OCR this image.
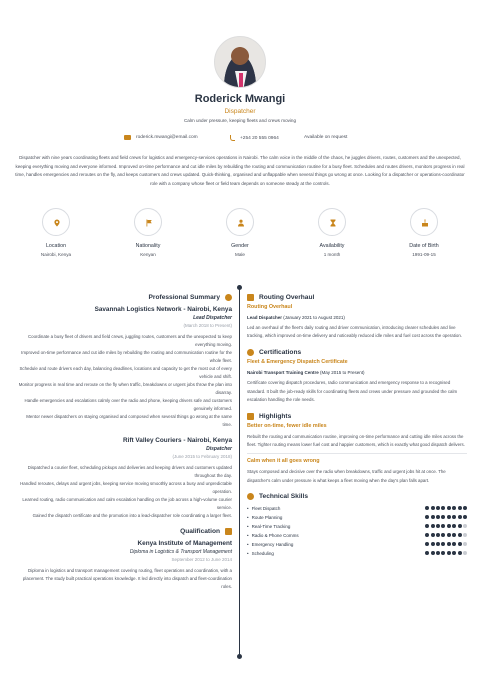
Roderick Mwangi
Dispatcher
Calm under pressure, keeping fleets and crews moving
roderick.mwangi@email.com	+254 20 555 0964	Available on request
Dispatcher with nine years coordinating fleets and field crews for logistics and emergency-services operations in Nairobi. The calm voice in the middle of the chaos, he juggles drivers, routes, customers and the unexpected, keeping everything moving and everyone informed. Improved on-time performance and cut idle miles by rebuilding the routing and communication routine for a busy fleet. Schedules and routes drivers, monitors progress in real time, handles emergencies and reroutes on the fly, and keeps customers and crews updated. Quick-thinking, organised and unflappable when several things go wrong at once. Looking for a dispatcher or operations-coordinator role with a company whose fleet or field team depends on someone steady at the controls.
Location
Nairobi, Kenya
Nationality
Kenyan
Gender
Male
Availability
1 month
Date of Birth
1991-09-15
Professional Summary
Savannah Logistics Network - Nairobi, Kenya
Lead Dispatcher
(March 2018 to Present)
Coordinate a busy fleet of drivers and field crews, juggling routes, customers and the unexpected to keep everything moving.
Improved on-time performance and cut idle miles by rebuilding the routing and communication routine for the whole fleet.
Schedule and route drivers each day, balancing deadlines, locations and capacity to get the most out of every vehicle and shift.
Monitor progress in real time and reroute on the fly when traffic, breakdowns or urgent jobs throw the plan into disarray.
Handle emergencies and escalations calmly over the radio and phone, keeping drivers safe and customers genuinely informed.
Mentor newer dispatchers on staying organised and composed when several things go wrong at the same time.
Rift Valley Couriers - Nairobi, Kenya
Dispatcher
(June 2015 to February 2018)
Dispatched a courier fleet, scheduling pickups and deliveries and keeping drivers and customers updated throughout the day.
Handled reroutes, delays and urgent jobs, keeping service moving smoothly across a busy and unpredictable operation.
Learned routing, radio communication and calm escalation handling on the job across a high-volume courier service.
Gained the dispatch certificate and the promotion into a lead-dispatcher role coordinating a larger fleet.
Qualification
Kenya Institute of Management
Diploma in Logistics & Transport Management
September 2012 to June 2014
Diploma in logistics and transport management covering routing, fleet operations and coordination, with a placement. The study built practical operations knowledge. It led directly into dispatch and fleet-coordination roles.
Routing Overhaul
Routing Overhaul
Lead Dispatcher (January 2021 to August 2021)
Led an overhaul of the fleet's daily routing and driver communication, introducing clearer schedules and live tracking, which improved on-time delivery and noticeably reduced idle miles and fuel cost across the operation.
Certifications
Fleet & Emergency Dispatch Certificate
Nairobi Transport Training Centre (May 2015 to Present)
Certificate covering dispatch procedures, radio communication and emergency response to a recognised standard. It built the job-ready skills for coordinating fleets and crews under pressure and grounded the calm escalation handling the role needs.
Highlights
Better on-time, fewer idle miles
Rebuilt the routing and communication routine, improving on-time performance and cutting idle miles across the fleet. Tighter routing means lower fuel cost and happier customers, which is exactly what good dispatch delivers.
Calm when it all goes wrong
Stays composed and decisive over the radio when breakdowns, traffic and urgent jobs hit at once. The dispatcher's calm under pressure is what keeps a fleet moving when the day's plan falls apart.
Technical Skills
• Fleet Dispatch
• Route Planning
• Real-Time Tracking
• Radio & Phone Comms
• Emergency Handling
• Scheduling
